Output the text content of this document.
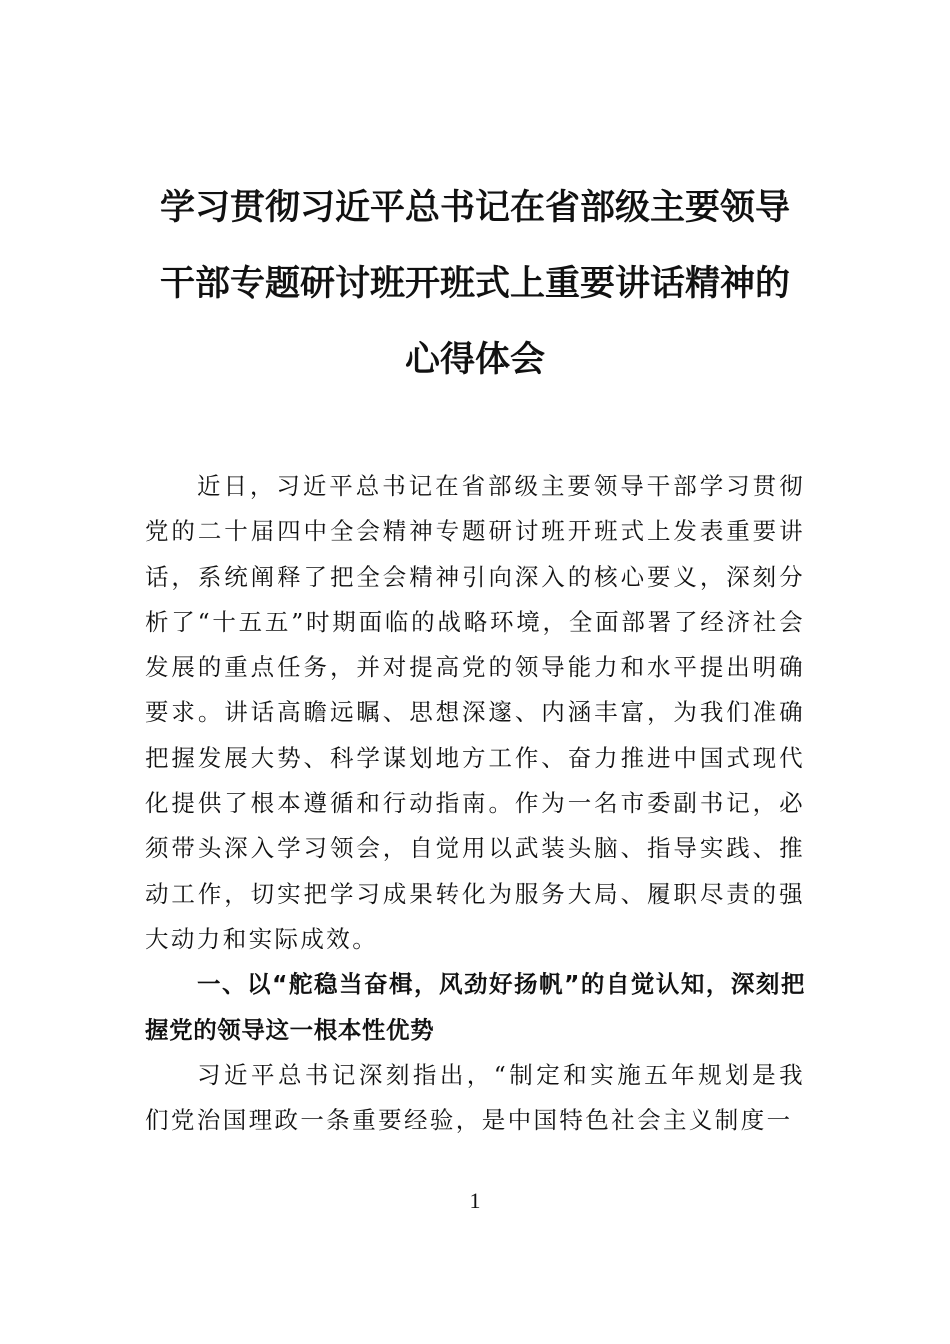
学习贯彻习近平总书记在省部级主要领导
干部专题研讨班开班式上重要讲话精神的
心得体会

近日，习近平总书记在省部级主要领导干部学习贯彻党的二十届四中全会精神专题研讨班开班式上发表重要讲话，系统阐释了把全会精神引向深入的核心要义，深刻分析了“十五五”时期面临的战略环境，全面部署了经济社会发展的重点任务，并对提高党的领导能力和水平提出明确要求。讲话高瞻远瞩、思想深邃、内涵丰富，为我们准确把握发展大势、科学谋划地方工作、奋力推进中国式现代化提供了根本遵循和行动指南。作为一名市委副书记，必须带头深入学习领会，自觉用以武装头脑、指导实践、推动工作，切实把学习成果转化为服务大局、履职尽责的强大动力和实际成效。

一、以“舵稳当奋楫，风劲好扬帆”的自觉认知，深刻把握党的领导这一根本性优势

习近平总书记深刻指出，“制定和实施五年规划是我们党治国理政一条重要经验，是中国特色社会主义制度一

1
